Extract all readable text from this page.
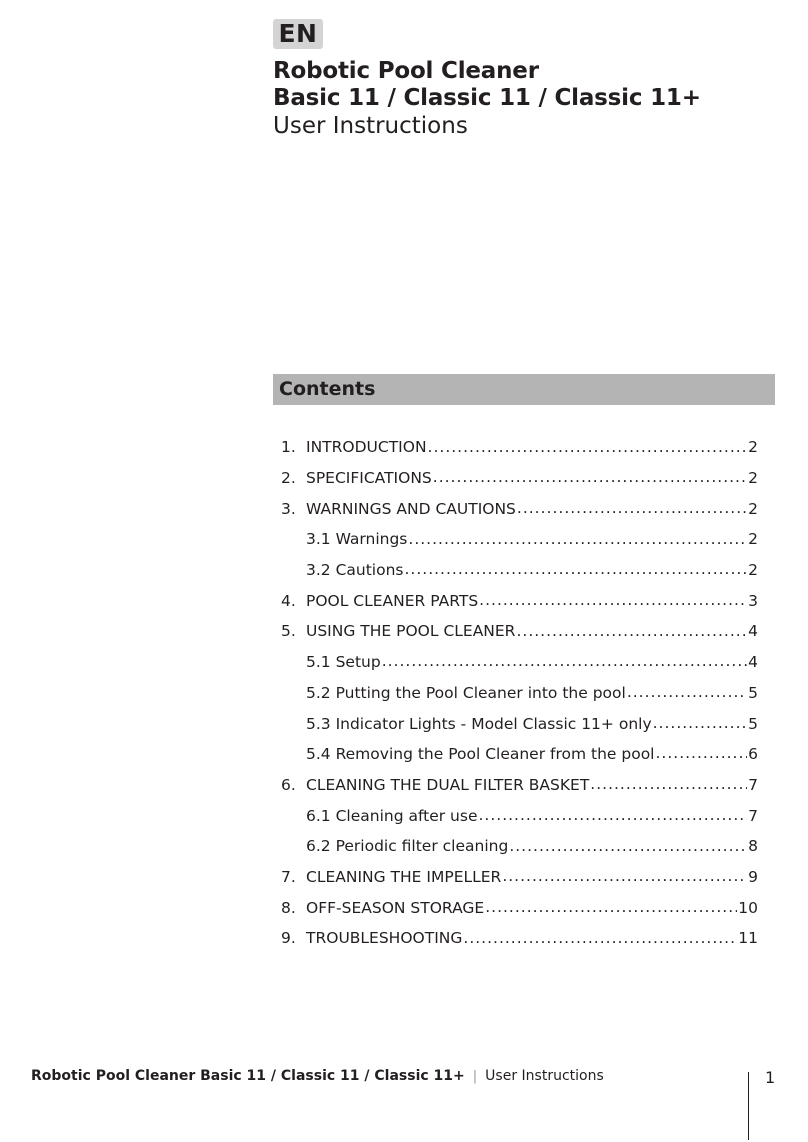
EN
Robotic Pool Cleaner
Basic 11 / Classic 11 / Classic 11+
User Instructions
Contents
1. INTRODUCTION .....	2
2. SPECIFICATIONS .....	2
3. WARNINGS AND CAUTIONS .....	2
3.1 Warnings .....	2
3.2 Cautions .....	2
4. POOL CLEANER PARTS .....	3
5. USING THE POOL CLEANER .....	4
5.1 Setup .....	4
5.2 Putting the Pool Cleaner into the pool .....	5
5.3 Indicator Lights - Model Classic 11+ only .....	5
5.4 Removing the Pool Cleaner from the pool .....	6
6. CLEANING THE DUAL FILTER BASKET .....	7
6.1 Cleaning after use .....	7
6.2 Periodic filter cleaning .....	8
7. CLEANING THE IMPELLER .....	9
8. OFF-SEASON STORAGE .....	10
9. TROUBLESHOOTING .....	11
Robotic Pool Cleaner Basic 11 / Classic 11 / Classic 11+ | User Instructions	1
